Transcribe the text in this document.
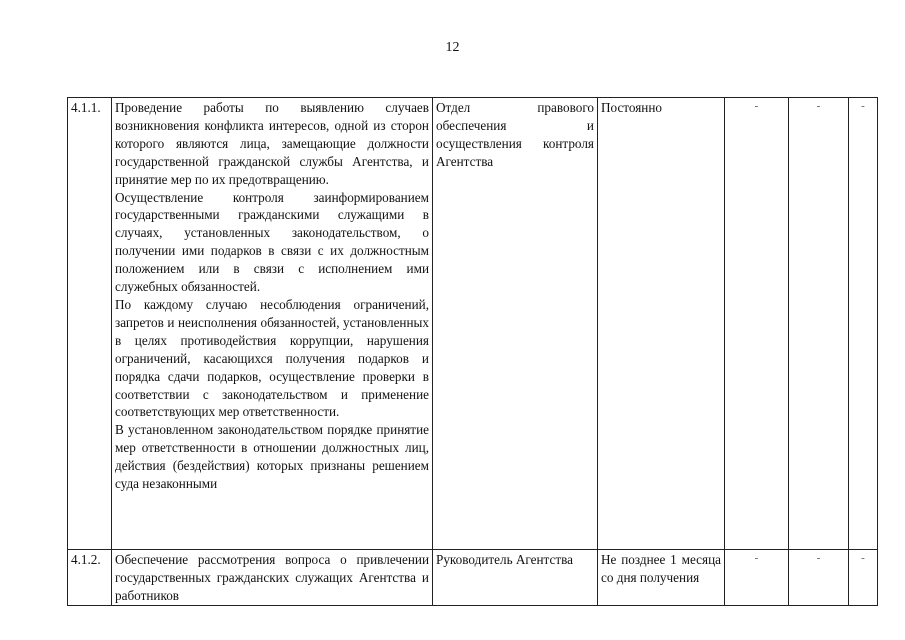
12
4.1.1.	Проведение работы по выявлению случаев возникновения конфликта интересов, одной из сторон которого являются лица, замещающие должности государственной гражданской службы Агентства, и принятие мер по их предотвращению.
Осуществление контроля заинформированием государственными гражданскими служащими в случаях, установленных законодательством, о получении ими подарков в связи с их должностным положением или в связи с исполнением ими служебных обязанностей.
По каждому случаю несоблюдения ограничений, запретов и неисполнения обязанностей, установленных в целях противодействия коррупции, нарушения ограничений, касающихся получения подарков и порядка сдачи подарков, осуществление проверки в соответствии с законодательством и применение соответствующих мер ответственности.
В установленном законодательством порядке принятие мер ответственности в отношении должностных лиц, действия (бездействия) которых признаны решением суда незаконными	Отдел правового обеспечения и осуществления контроля Агентства	Постоянно	-	-	-
4.1.2.	Обеспечение рассмотрения вопроса о привлечении государственных гражданских служащих Агентства и работников	Руководитель Агентства	Не позднее 1 месяца со дня получения	-	-	-
